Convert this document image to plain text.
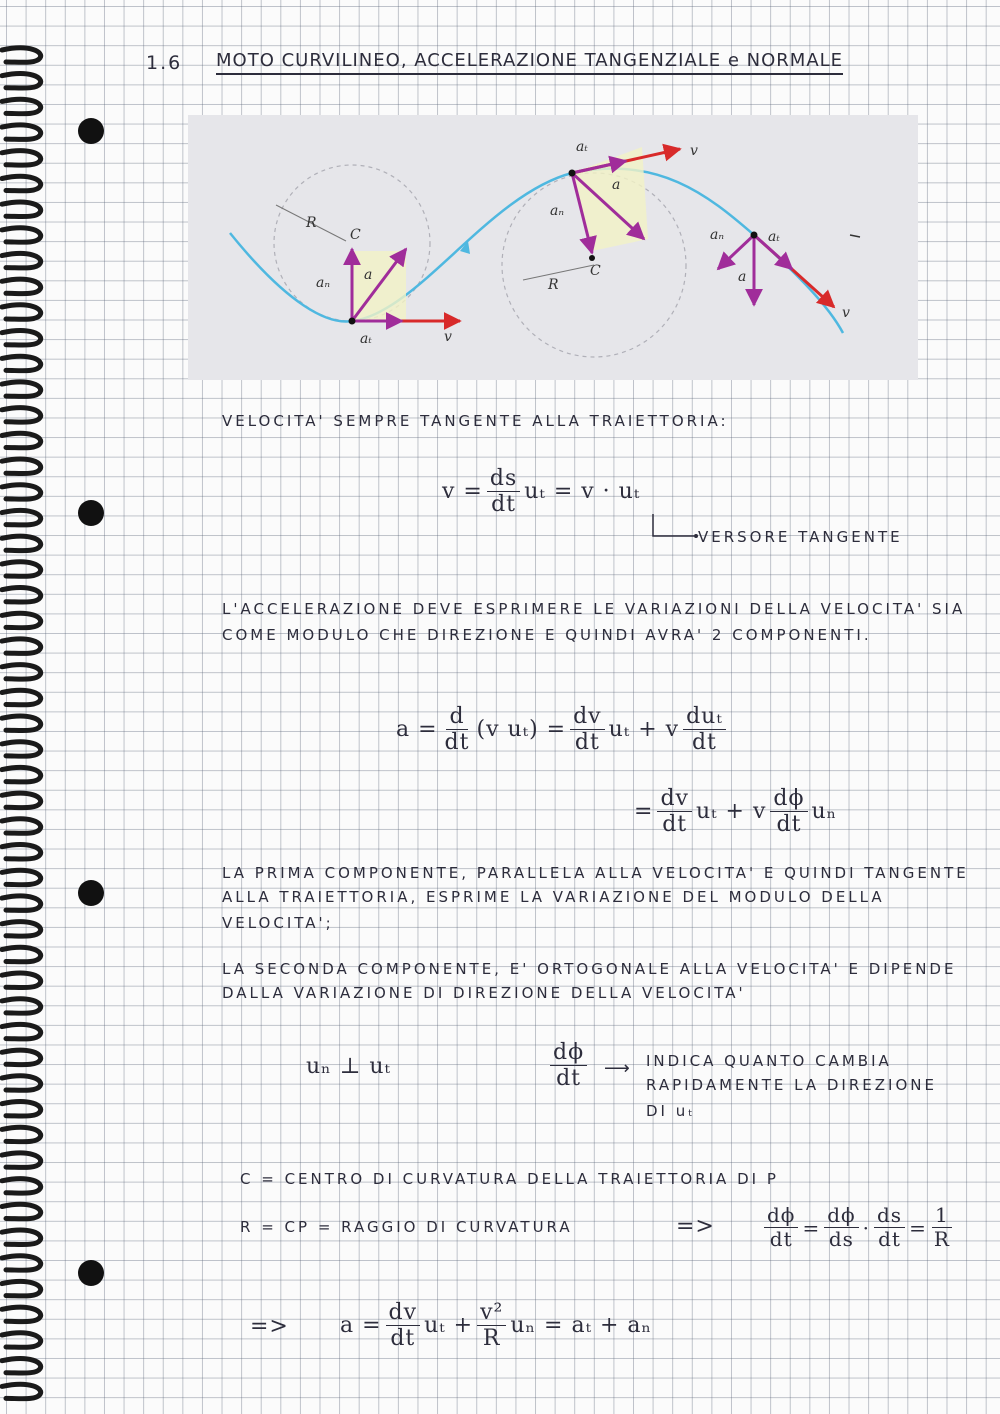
1.6 MOTO CURVILINEO, ACCELERAZIONE TANGENZIALE e NORMALE
R
C
aₙ a
aₜ	v
aₜ	v
a
aₙ
C
R
aₙ	aₜ
a
v
VELOCITA' SEMPRE TANGENTE ALLA TRAIETTORIA:
$v = \frac{ds}{dt}$ uₜ = v · uₜ
VERSORE TANGENTE
L'ACCELERAZIONE DEVE ESPRIMERE LE VARIAZIONI DELLA VELOCITA' SIA
COME MODULO CHE DIREZIONE E QUINDI AVRA' 2 COMPONENTI.
$a = \frac{d}{dt} (v$ $u_t) = \frac{dv}{dt}$ uₜ + v $\frac{\text{duₜ}}{dt}$
= $\frac{dv}{dt}$ uₜ + v $\frac{d\phi}{dt}$ uₙ
LA PRIMA COMPONENTE, PARALLELA ALLA VELOCITA' E QUINDI TANGENTE
ALLA TRAIETTORIA, ESPRIME LA VARIAZIONE DEL MODULO DELLA
VELOCITA';
LA SECONDA COMPONENTE, E' ORTOGONALE ALLA VELOCITA' E DIPENDE
DALLA VARIAZIONE DI DIREZIONE DELLA VELOCITA'
uₙ ⊥ uₜ	$\frac{d\phi}{dt}$ ⟶ INDICA QUANTO CAMBIA
RAPIDAMENTE LA DIREZIONE
DI uₜ
C = CENTRO DI CURVATURA DELLA TRAIETTORIA DI P
R = CP = RAGGIO DI CURVATURA	=> $\frac{d\phi}{dt} = \frac{d\phi}{ds} \cdot \frac{ds}{dt} = \frac{1}{R}$
=> $a = \frac{dv}{dt}$ $u_t + \frac{\text{v²}}{R}$ uₙ = aₜ + aₙ
